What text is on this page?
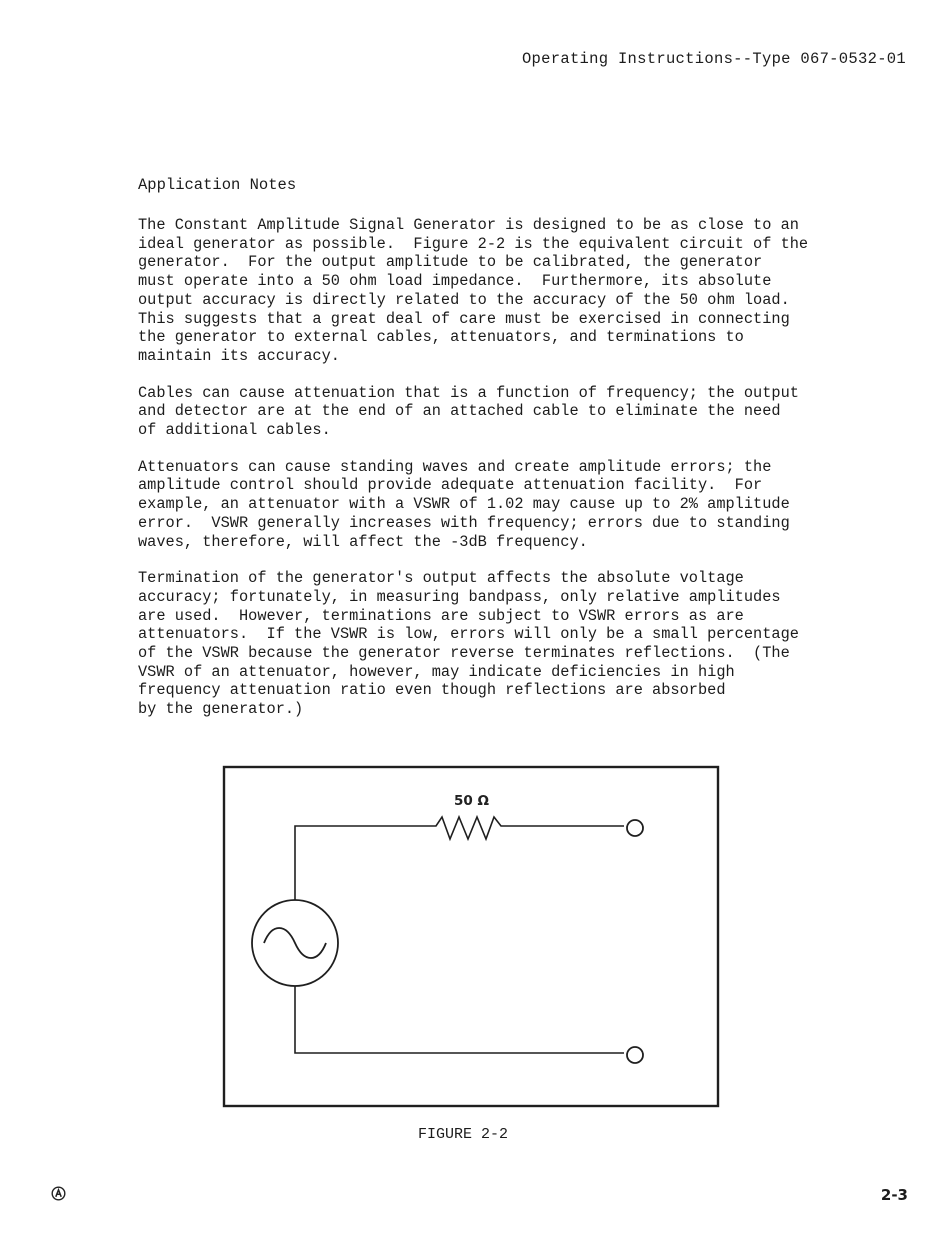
Operating Instructions--Type 067-0532-01
Application Notes

The Constant Amplitude Signal Generator is designed to be as close to an
ideal generator as possible.  Figure 2-2 is the equivalent circuit of the
generator.  For the output amplitude to be calibrated, the generator
must operate into a 50 ohm load impedance.  Furthermore, its absolute
output accuracy is directly related to the accuracy of the 50 ohm load.
This suggests that a great deal of care must be exercised in connecting
the generator to external cables, attenuators, and terminations to
maintain its accuracy.

Cables can cause attenuation that is a function of frequency; the output
and detector are at the end of an attached cable to eliminate the need
of additional cables.

Attenuators can cause standing waves and create amplitude errors; the
amplitude control should provide adequate attenuation facility.  For
example, an attenuator with a VSWR of 1.02 may cause up to 2% amplitude
error.  VSWR generally increases with frequency; errors due to standing
waves, therefore, will affect the -3dB frequency.

Termination of the generator's output affects the absolute voltage
accuracy; fortunately, in measuring bandpass, only relative amplitudes
are used.  However, terminations are subject to VSWR errors as are
attenuators.  If the VSWR is low, errors will only be a small percentage
of the VSWR because the generator reverse terminates reflections.  (The
VSWR of an attenuator, however, may indicate deficiencies in high
frequency attenuation ratio even though reflections are absorbed
by the generator.)

50 Ω
FIGURE 2-2
2-3
